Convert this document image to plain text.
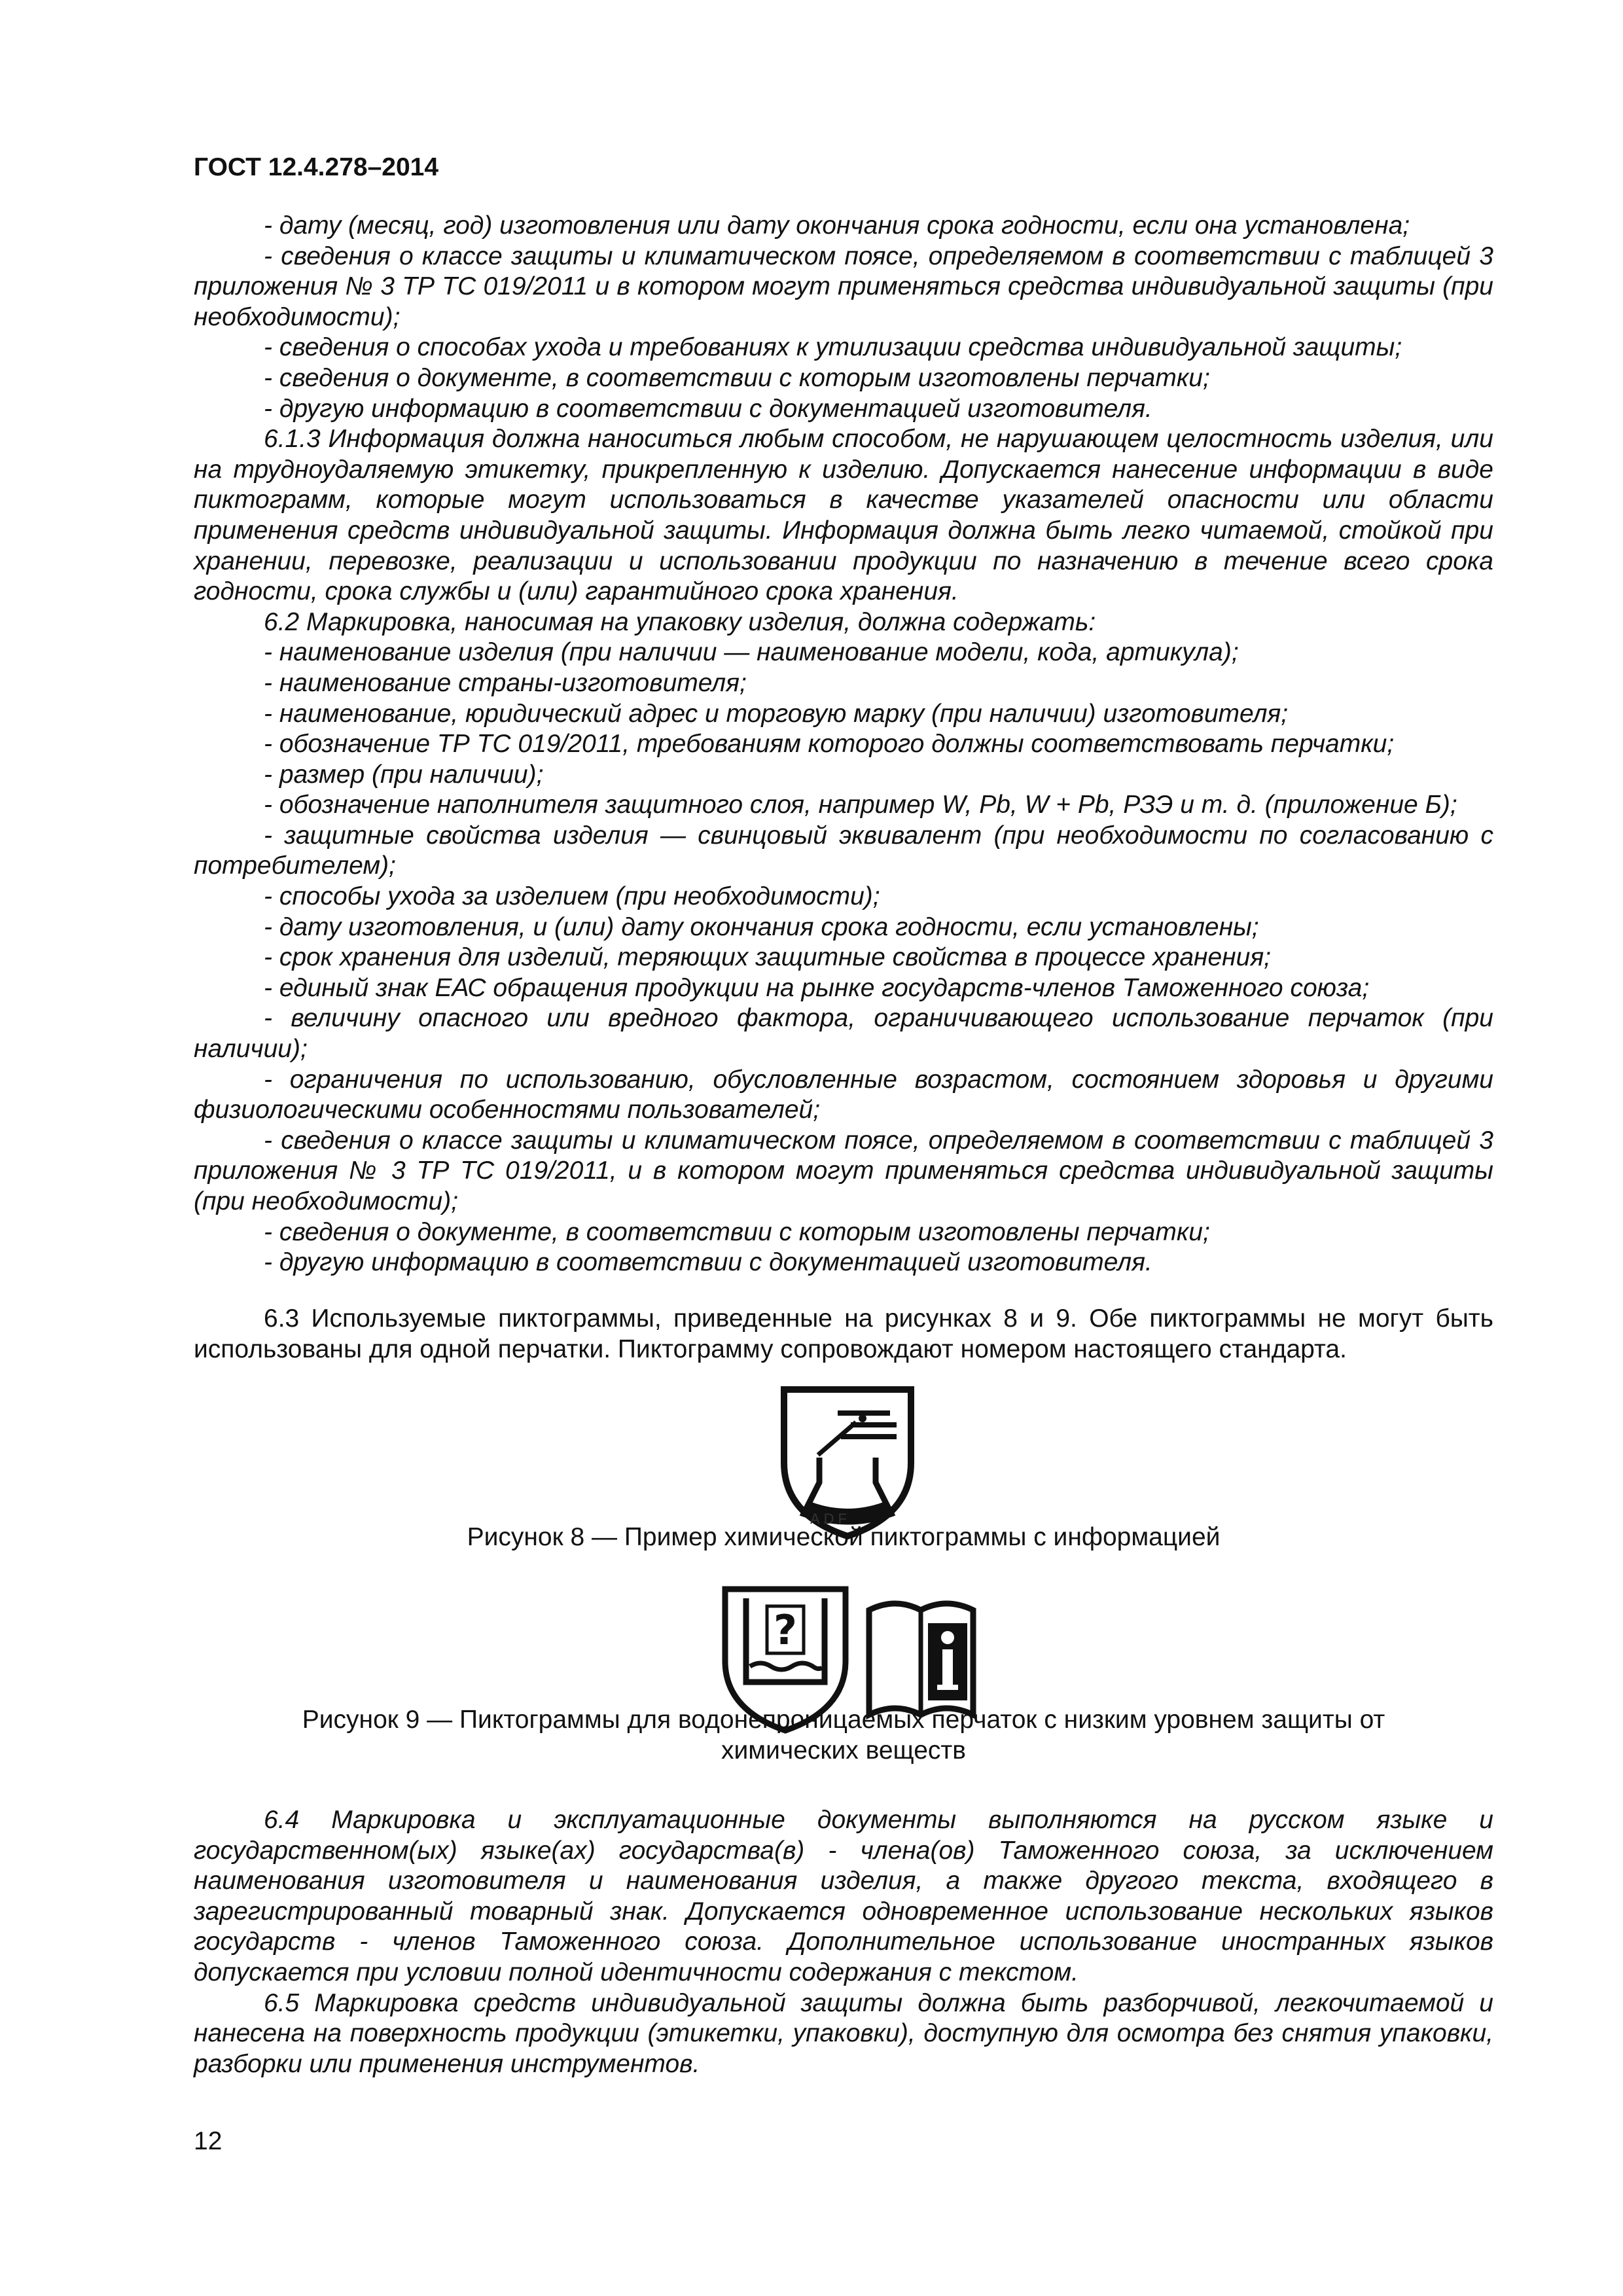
ГОСТ 12.4.278–2014

- дату (месяц, год) изготовления или дату окончания срока годности, если она установлена;

- сведения о классе защиты и климатическом поясе, определяемом в соответствии с таблицей 3 приложения № 3 ТР ТС 019/2011 и в котором могут применяться средства индивидуальной защиты (при необходимости);

- сведения о способах ухода и требованиях к утилизации средства индивидуальной защиты;

- сведения о документе, в соответствии с которым изготовлены перчатки;

- другую информацию в соответствии с документацией изготовителя.

6.1.3 Информация должна наноситься любым способом, не нарушающем целостность изделия, или на трудноудаляемую этикетку, прикрепленную к изделию. Допускается нанесение информации в виде пиктограмм, которые могут использоваться в качестве указателей опасности или области применения средств индивидуальной защиты. Информация должна быть легко читаемой, стойкой при хранении, перевозке, реализации и использовании продукции по назначению в течение всего срока годности, срока службы и (или) гарантийного срока хранения.

6.2 Маркировка, наносимая на упаковку изделия, должна содержать:

- наименование изделия (при наличии — наименование модели, кода, артикула);

- наименование страны-изготовителя;

- наименование, юридический адрес и торговую марку (при наличии) изготовителя;

- обозначение ТР ТС 019/2011, требованиям которого должны соответствовать перчатки;

- размер (при наличии);

- обозначение наполнителя защитного слоя, например W, Pb, W + Pb, РЗЭ и т. д. (приложение Б);

- защитные свойства изделия — свинцовый эквивалент (при необходимости по согласованию с потребителем);

- способы ухода за изделием (при необходимости);

- дату изготовления, и (или) дату окончания срока годности, если установлены;

- срок хранения для изделий, теряющих защитные свойства в процессе хранения;

- единый знак ЕАС обращения продукции на рынке государств-членов Таможенного союза;

- величину опасного или вредного фактора, ограничивающего использование перчаток (при наличии);

- ограничения по использованию, обусловленные возрастом, состоянием здоровья и другими физиологическими особенностями пользователей;

- сведения о классе защиты и климатическом поясе, определяемом в соответствии с таблицей 3 приложения № 3 ТР ТС 019/2011, и в котором могут применяться средства индивидуальной защиты (при необходимости);

- сведения о документе, в соответствии с которым изготовлены перчатки;

- другую информацию в соответствии с документацией изготовителя.

6.3 Используемые пиктограммы, приведенные на рисунках 8 и 9. Обе пиктограммы не могут быть использованы для одной перчатки. Пиктограмму сопровождают номером настоящего стандарта.

ADF
Рисунок 8 — Пример химической пиктограммы с информацией
?
Рисунок 9 — Пиктограммы для водонепроницаемых перчаток с низким уровнем защиты от
химических веществ

6.4 Маркировка и эксплуатационные документы выполняются на русском языке и государственном(ых) языке(ах) государства(в) - члена(ов) Таможенного союза, за исключением наименования изготовителя и наименования изделия, а также другого текста, входящего в зарегистрированный товарный знак. Допускается одновременное использование нескольких языков государств - членов Таможенного союза. Дополнительное использование иностранных языков допускается при условии полной идентичности содержания с текстом.

6.5 Маркировка средств индивидуальной защиты должна быть разборчивой, легкочитаемой и нанесена на поверхность продукции (этикетки, упаковки), доступную для осмотра без снятия упаковки, разборки или применения инструментов.

12
